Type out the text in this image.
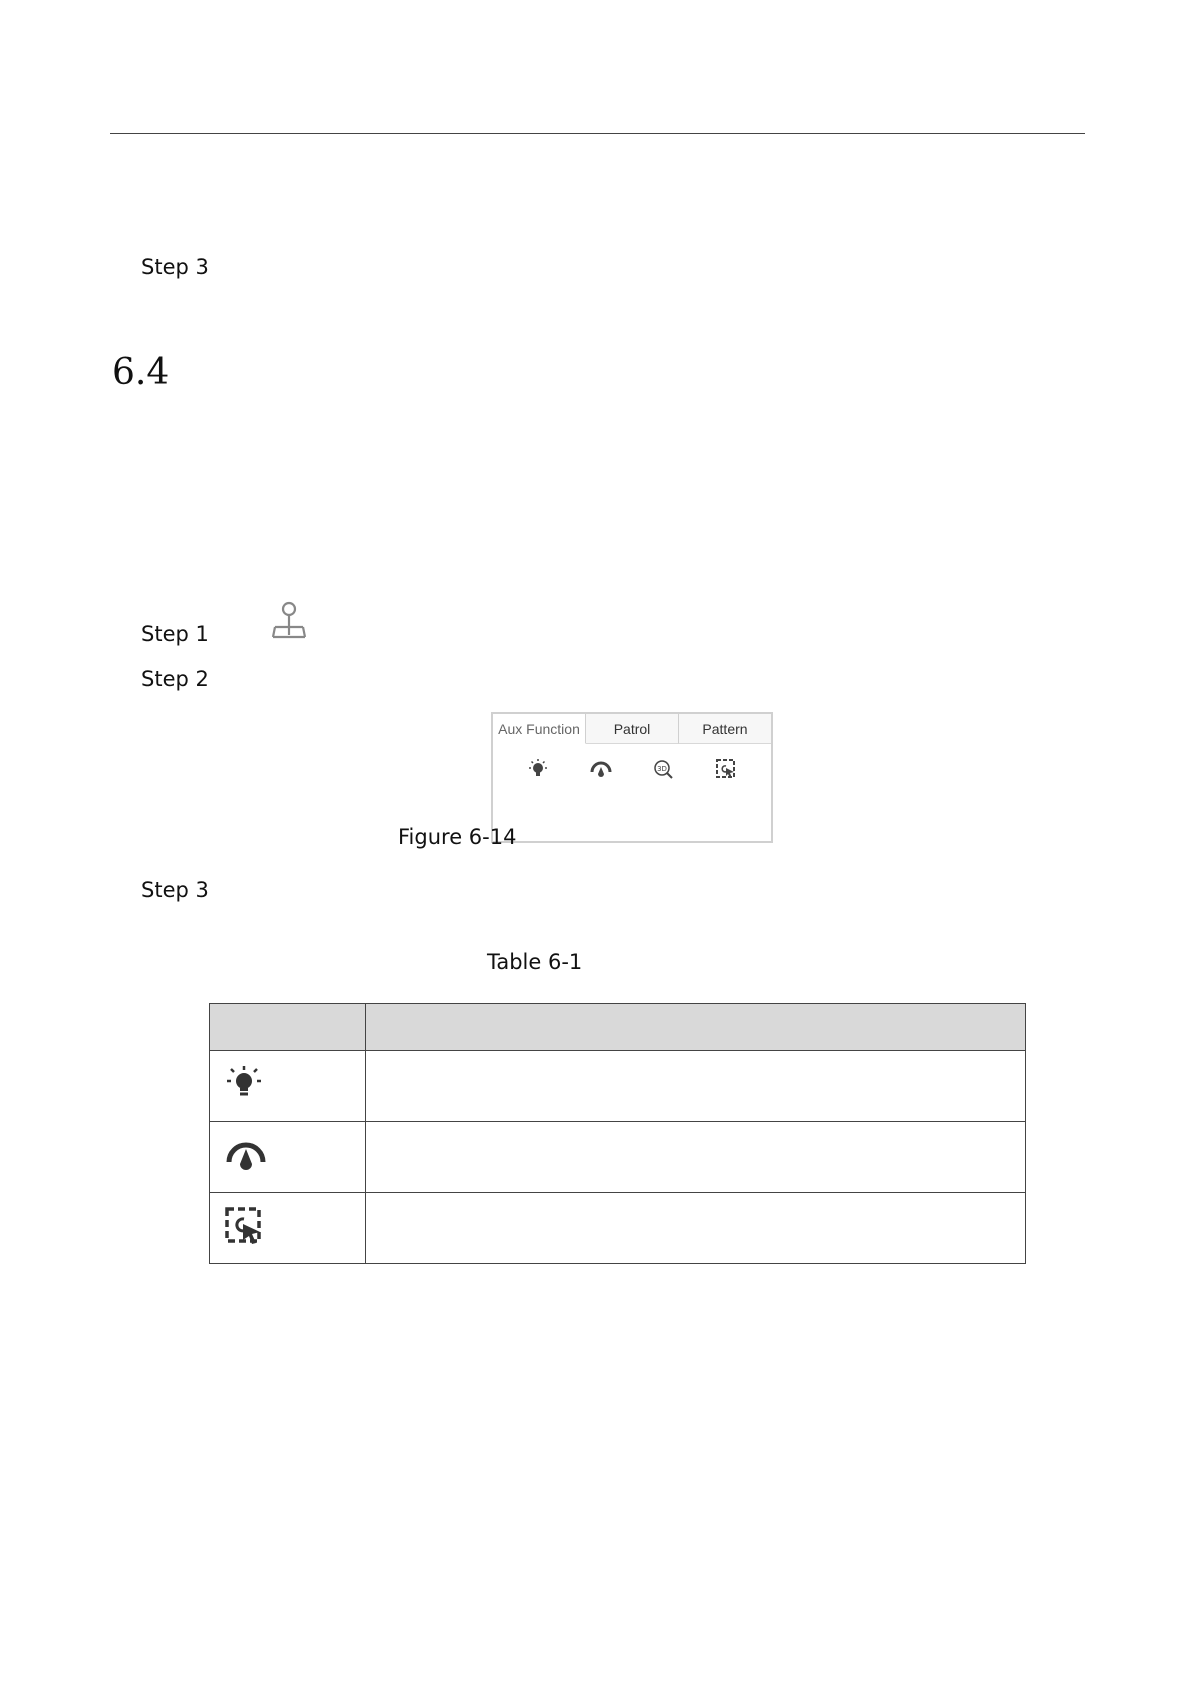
Step 3
6.4
Step 1
Step 2
Aux Function	Patrol	Pattern
3D
Figure 6-14
Step 3
Table 6-1
